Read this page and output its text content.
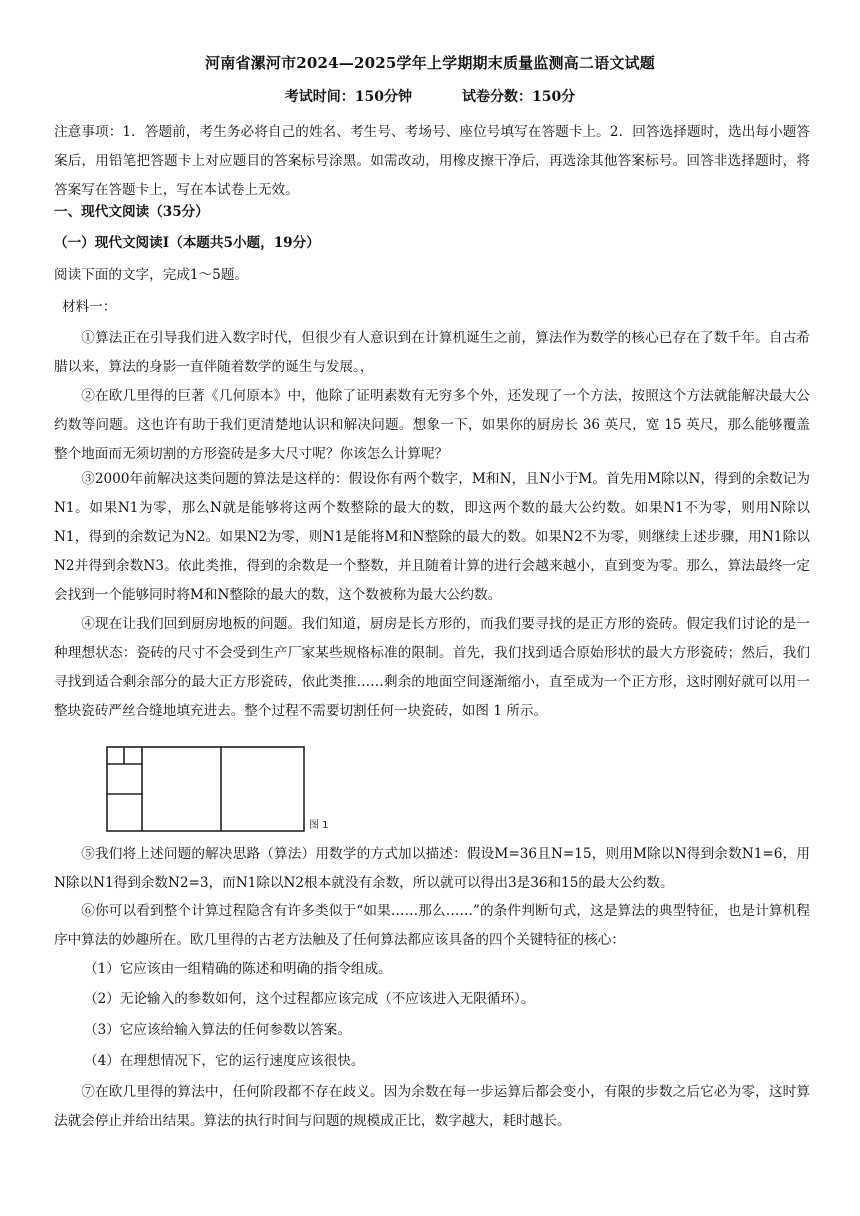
河南省漯河市2024—2025学年上学期期末质量监测高二语文试题
考试时间：150分钟	试卷分数：150分
注意事项：1．答题前，考生务必将自己的姓名、考生号、考场号、座位号填写在答题卡上。2．回答选择题时，选出每小题答案后，用铅笔把答题卡上对应题目的答案标号涂黑。如需改动，用橡皮擦干净后，再选涂其他答案标号。回答非选择题时，将答案写在答题卡上，写在本试卷上无效。
一、现代文阅读（35分）
（一）现代文阅读Ⅰ（本题共5小题，19分）
阅读下面的文字，完成1～5题。
材料一：
①算法正在引导我们进入数字时代，但很少有人意识到在计算机诞生之前，算法作为数学的核心已存在了数千年。自古希腊以来，算法的身影一直伴随着数学的诞生与发展。，
②在欧几里得的巨著《几何原本》中，他除了证明素数有无穷多个外，还发现了一个方法，按照这个方法就能解决最大公约数等问题。这也许有助于我们更清楚地认识和解决问题。想象一下，如果你的厨房长 36 英尺，宽 15 英尺，那么能够覆盖整个地面而无须切割的方形瓷砖是多大尺寸呢？你该怎么计算呢？
③2000年前解决这类问题的算法是这样的：假设你有两个数字，M和N，且N小于M。首先用M除以N，得到的余数记为N1。如果N1为零，那么N就是能够将这两个数整除的最大的数，即这两个数的最大公约数。如果N1不为零，则用N除以N1，得到的余数记为N2。如果N2为零，则N1是能将M和N整除的最大的数。如果N2不为零，则继续上述步骤，用N1除以N2并得到余数N3。依此类推，得到的余数是一个整数，并且随着计算的进行会越来越小，直到变为零。那么，算法最终一定会找到一个能够同时将M和N整除的最大的数，这个数被称为最大公约数。
④现在让我们回到厨房地板的问题。我们知道，厨房是长方形的，而我们要寻找的是正方形的瓷砖。假定我们讨论的是一种理想状态：瓷砖的尺寸不会受到生产厂家某些规格标准的限制。首先，我们找到适合原始形状的最大方形瓷砖；然后，我们寻找到适合剩余部分的最大正方形瓷砖，依此类推……剩余的地面空间逐渐缩小，直至成为一个正方形，这时刚好就可以用一整块瓷砖严丝合缝地填充进去。整个过程不需要切割任何一块瓷砖，如图 1 所示。
图 1
⑤我们将上述问题的解决思路（算法）用数学的方式加以描述：假设M=36且N=15，则用M除以N得到余数N1=6，用N除以N1得到余数N2=3，而N1除以N2根本就没有余数，所以就可以得出3是36和15的最大公约数。
⑥你可以看到整个计算过程隐含有许多类似于“如果……那么……”的条件判断句式，这是算法的典型特征，也是计算机程序中算法的妙趣所在。欧几里得的古老方法触及了任何算法都应该具备的四个关键特征的核心：
（1）它应该由一组精确的陈述和明确的指令组成。
（2）无论输入的参数如何，这个过程都应该完成（不应该进入无限循环）。
（3）它应该给输入算法的任何参数以答案。
（4）在理想情况下，它的运行速度应该很快。
⑦在欧几里得的算法中，任何阶段都不存在歧义。因为余数在每一步运算后都会变小，有限的步数之后它必为零，这时算法就会停止并给出结果。算法的执行时间与问题的规模成正比，数字越大，耗时越长。
